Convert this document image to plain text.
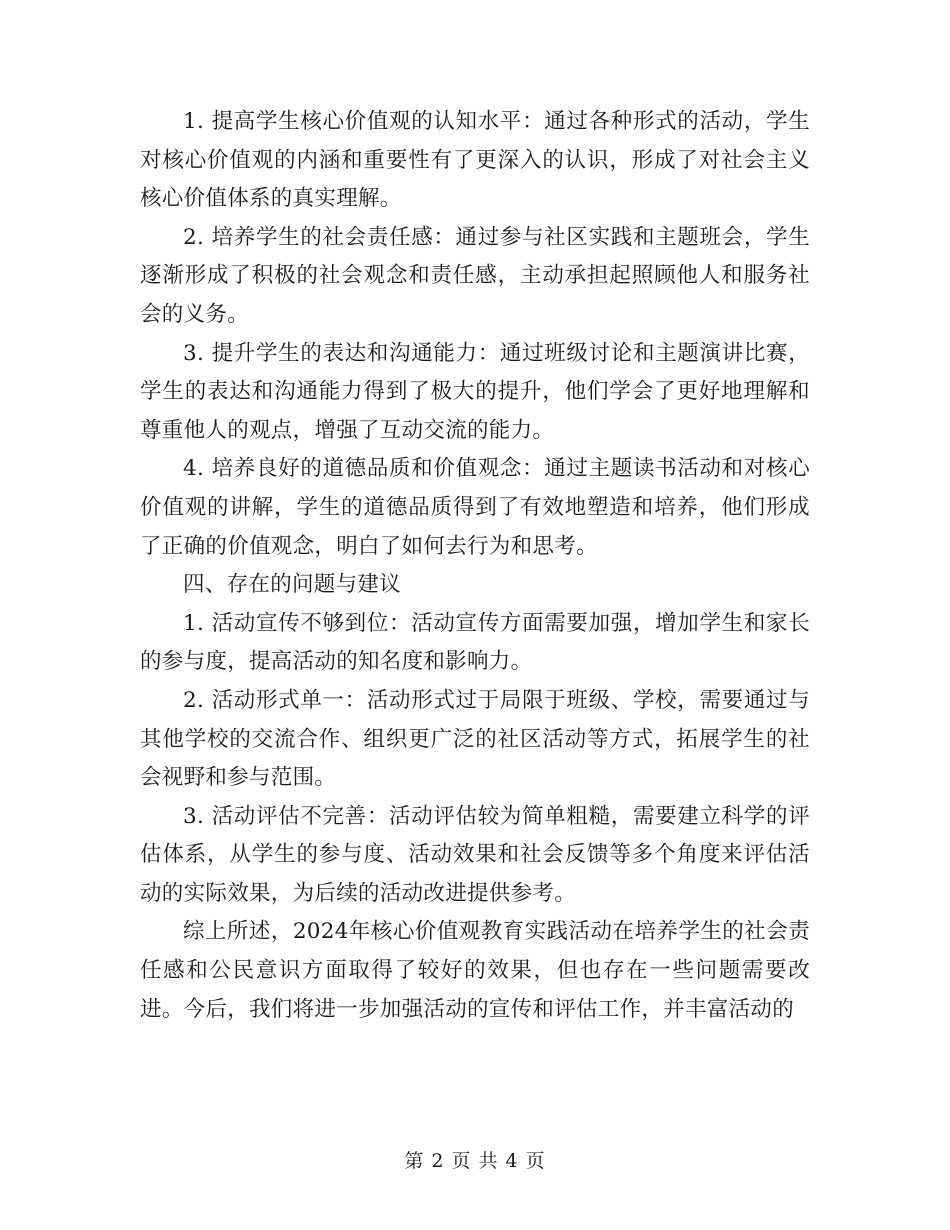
1. 提高学生核心价值观的认知水平：通过各种形式的活动，学生对核心价值观的内涵和重要性有了更深入的认识，形成了对社会主义核心价值体系的真实理解。

2. 培养学生的社会责任感：通过参与社区实践和主题班会，学生逐渐形成了积极的社会观念和责任感，主动承担起照顾他人和服务社会的义务。

3. 提升学生的表达和沟通能力：通过班级讨论和主题演讲比赛，学生的表达和沟通能力得到了极大的提升，他们学会了更好地理解和尊重他人的观点，增强了互动交流的能力。

4. 培养良好的道德品质和价值观念：通过主题读书活动和对核心价值观的讲解，学生的道德品质得到了有效地塑造和培养，他们形成了正确的价值观念，明白了如何去行为和思考。

四、存在的问题与建议

1. 活动宣传不够到位：活动宣传方面需要加强，增加学生和家长的参与度，提高活动的知名度和影响力。

2. 活动形式单一：活动形式过于局限于班级、学校，需要通过与其他学校的交流合作、组织更广泛的社区活动等方式，拓展学生的社会视野和参与范围。

3. 活动评估不完善：活动评估较为简单粗糙，需要建立科学的评估体系，从学生的参与度、活动效果和社会反馈等多个角度来评估活动的实际效果，为后续的活动改进提供参考。

综上所述，2024年核心价值观教育实践活动在培养学生的社会责任感和公民意识方面取得了较好的效果，但也存在一些问题需要改进。今后，我们将进一步加强活动的宣传和评估工作，并丰富活动的

第 2 页 共 4 页
